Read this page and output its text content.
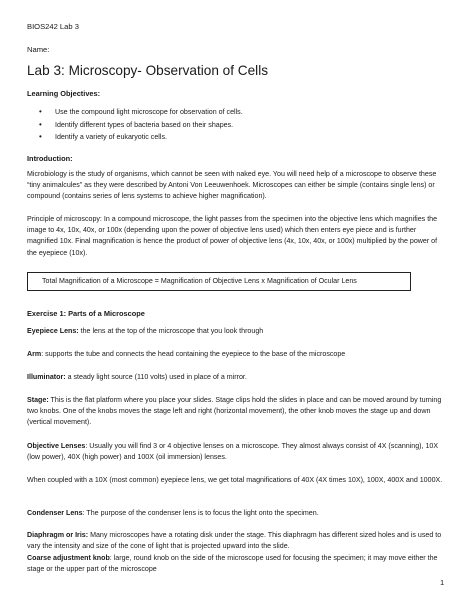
BIOS242 Lab 3
Name:
Lab 3: Microscopy- Observation of Cells
Learning Objectives:
• Use the compound light microscope for observation of cells.
• Identify different types of bacteria based on their shapes.
• Identify a variety of eukaryotic cells.
Introduction:
Microbiology is the study of organisms, which cannot be seen with naked eye. You will need help of a microscope to observe these “tiny animalcules” as they were described by Antoni Von Leeuwenhoek. Microscopes can either be simple (contains single lens) or compound (contains series of lens systems to achieve higher magnification).
Principle of microscopy: In a compound microscope, the light passes from the specimen into the objective lens which magnifies the image to 4x, 10x, 40x, or 100x (depending upon the power of objective lens used) which then enters eye piece and is further magnified 10x. Final magnification is hence the product of power of objective lens (4x, 10x, 40x, or 100x) multiplied by the power of the eyepiece (10x).
Total Magnification of a Microscope = Magnification of Objective Lens x Magnification of Ocular Lens
Exercise 1: Parts of a Microscope
Eyepiece Lens: the lens at the top of the microscope that you look through
Arm: supports the tube and connects the head containing the eyepiece to the base of the microscope
Illuminator: a steady light source (110 volts) used in place of a mirror.
Stage: This is the flat platform where you place your slides. Stage clips hold the slides in place and can be moved around by turning two knobs. One of the knobs moves the stage left and right (horizontal movement), the other knob moves the stage up and down (vertical movement).
Objective Lenses: Usually you will find 3 or 4 objective lenses on a microscope. They almost always consist of 4X (scanning), 10X (low power), 40X (high power) and 100X (oil immersion) lenses.
When coupled with a 10X (most common) eyepiece lens, we get total magnifications of 40X (4X times 10X), 100X, 400X and 1000X.
Condenser Lens: The purpose of the condenser lens is to focus the light onto the specimen.
Diaphragm or Iris: Many microscopes have a rotating disk under the stage. This diaphragm has different sized holes and is used to vary the intensity and size of the cone of light that is projected upward into the slide.
Coarse adjustment knob: large, round knob on the side of the microscope used for focusing the specimen; it may move either the stage or the upper part of the microscope
1
